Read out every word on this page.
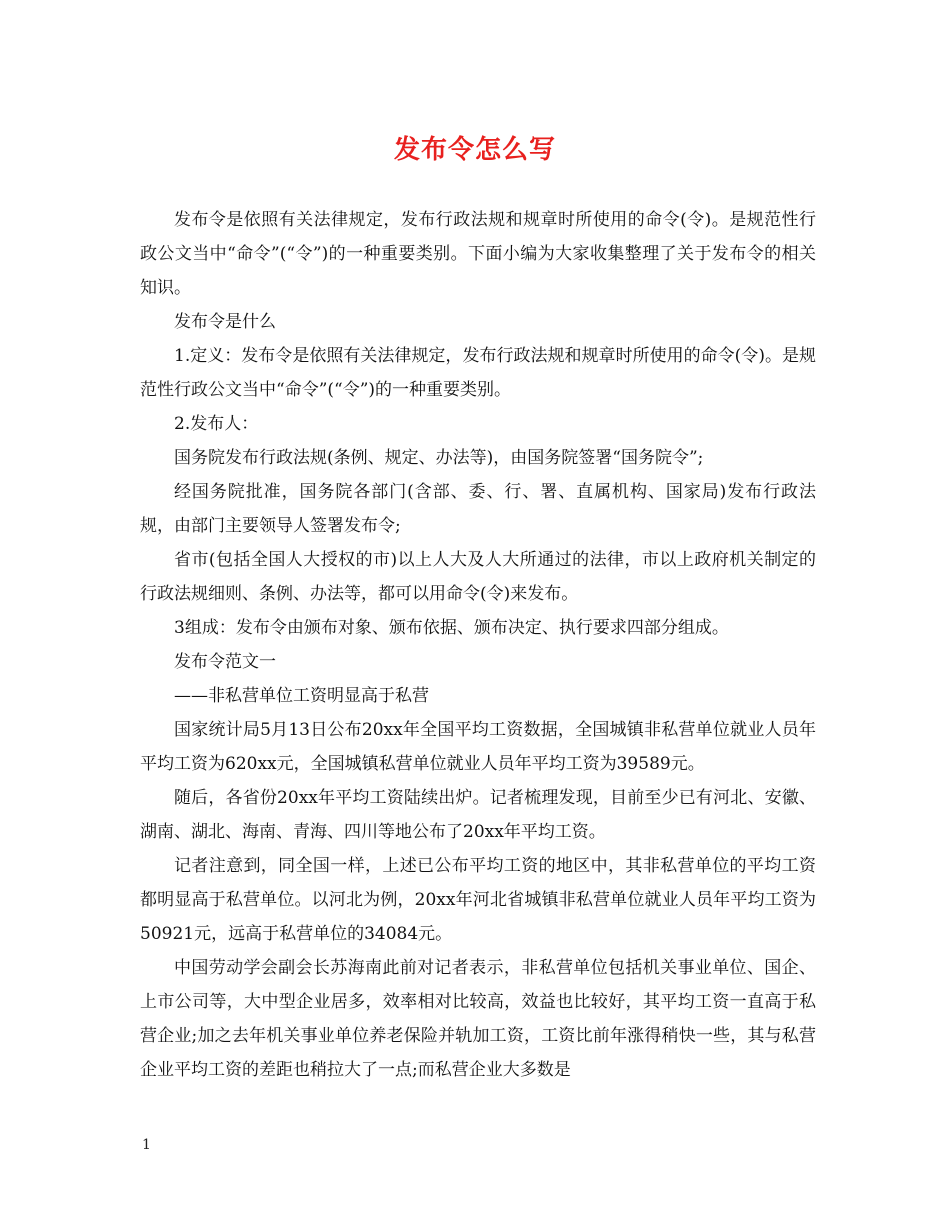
发布令怎么写

发布令是依照有关法律规定，发布行政法规和规章时所使用的命令(令)。是规范性行政公文当中“命令”(“令”)的一种重要类别。下面小编为大家收集整理了关于发布令的相关知识。

发布令是什么

1.定义：发布令是依照有关法律规定，发布行政法规和规章时所使用的命令(令)。是规范性行政公文当中“命令”(“令”)的一种重要类别。

2.发布人：

国务院发布行政法规(条例、规定、办法等)，由国务院签署“国务院令”;

经国务院批准，国务院各部门(含部、委、行、署、直属机构、国家局)发布行政法规，由部门主要领导人签署发布令;

省市(包括全国人大授权的市)以上人大及人大所通过的法律，市以上政府机关制定的行政法规细则、条例、办法等，都可以用命令(令)来发布。

3组成：发布令由颁布对象、颁布依据、颁布决定、执行要求四部分组成。

发布令范文一

——非私营单位工资明显高于私营

国家统计局5月13日公布20xx年全国平均工资数据，全国城镇非私营单位就业人员年平均工资为620xx元，全国城镇私营单位就业人员年平均工资为39589元。

随后，各省份20xx年平均工资陆续出炉。记者梳理发现，目前至少已有河北、安徽、湖南、湖北、海南、青海、四川等地公布了20xx年平均工资。

记者注意到，同全国一样，上述已公布平均工资的地区中，其非私营单位的平均工资都明显高于私营单位。以河北为例，20xx年河北省城镇非私营单位就业人员年平均工资为50921元，远高于私营单位的34084元。

中国劳动学会副会长苏海南此前对记者表示，非私营单位包括机关事业单位、国企、上市公司等，大中型企业居多，效率相对比较高，效益也比较好，其平均工资一直高于私营企业;加之去年机关事业单位养老保险并轨加工资，工资比前年涨得稍快一些，其与私营企业平均工资的差距也稍拉大了一点;而私营企业大多数是

1
